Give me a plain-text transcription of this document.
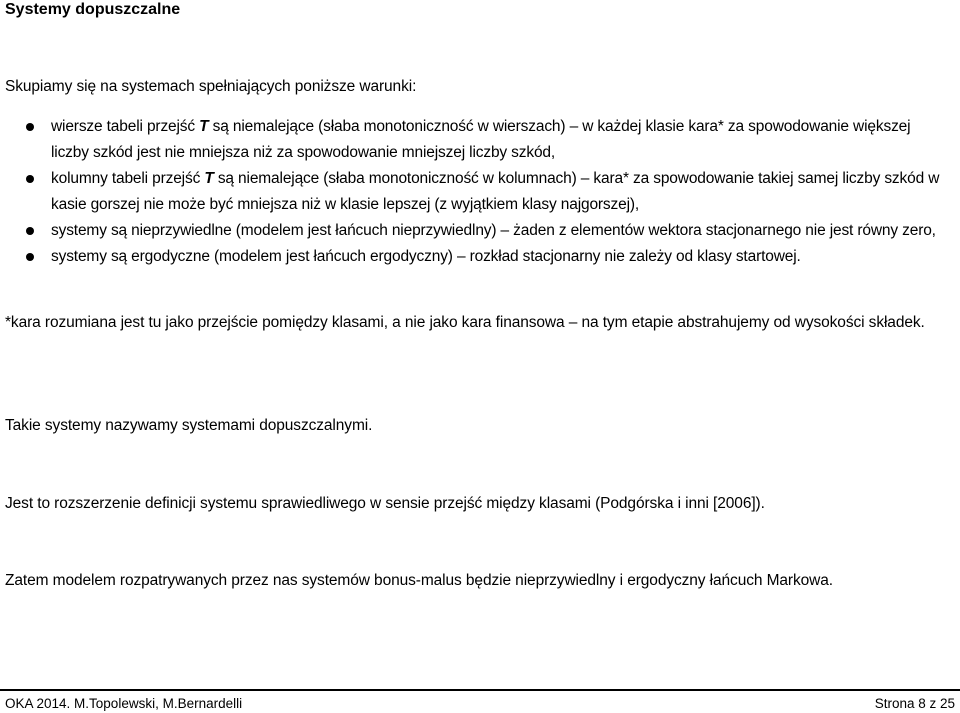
Systemy dopuszczalne
Skupiamy się na systemach spełniających poniższe warunki:
wiersze tabeli przejść T są niemalejące (słaba monotoniczność w wierszach) – w każdej klasie kara* za spowodowanie większej liczby szkód jest nie mniejsza niż za spowodowanie mniejszej liczby szkód,
kolumny tabeli przejść T są niemalejące (słaba monotoniczność w kolumnach) – kara* za spowodowanie takiej samej liczby szkód w kasie gorszej nie może być mniejsza niż w klasie lepszej (z wyjątkiem klasy najgorszej),
systemy są nieprzywiedlne (modelem jest łańcuch nieprzywiedlny) – żaden z elementów wektora stacjonarnego nie jest równy zero,
systemy są ergodyczne (modelem jest łańcuch ergodyczny) – rozkład stacjonarny nie zależy od klasy startowej.
*kara rozumiana jest tu jako przejście pomiędzy klasami, a nie jako kara finansowa – na tym etapie abstrahujemy od wysokości składek.
Takie systemy nazywamy systemami dopuszczalnymi.
Jest to rozszerzenie definicji systemu sprawiedliwego w sensie przejść między klasami (Podgórska i inni [2006]).
Zatem modelem rozpatrywanych przez nas systemów bonus-malus będzie nieprzywiedlny i ergodyczny łańcuch Markowa.
OKA 2014. M.Topolewski, M.Bernardelli	Strona 8 z 25
